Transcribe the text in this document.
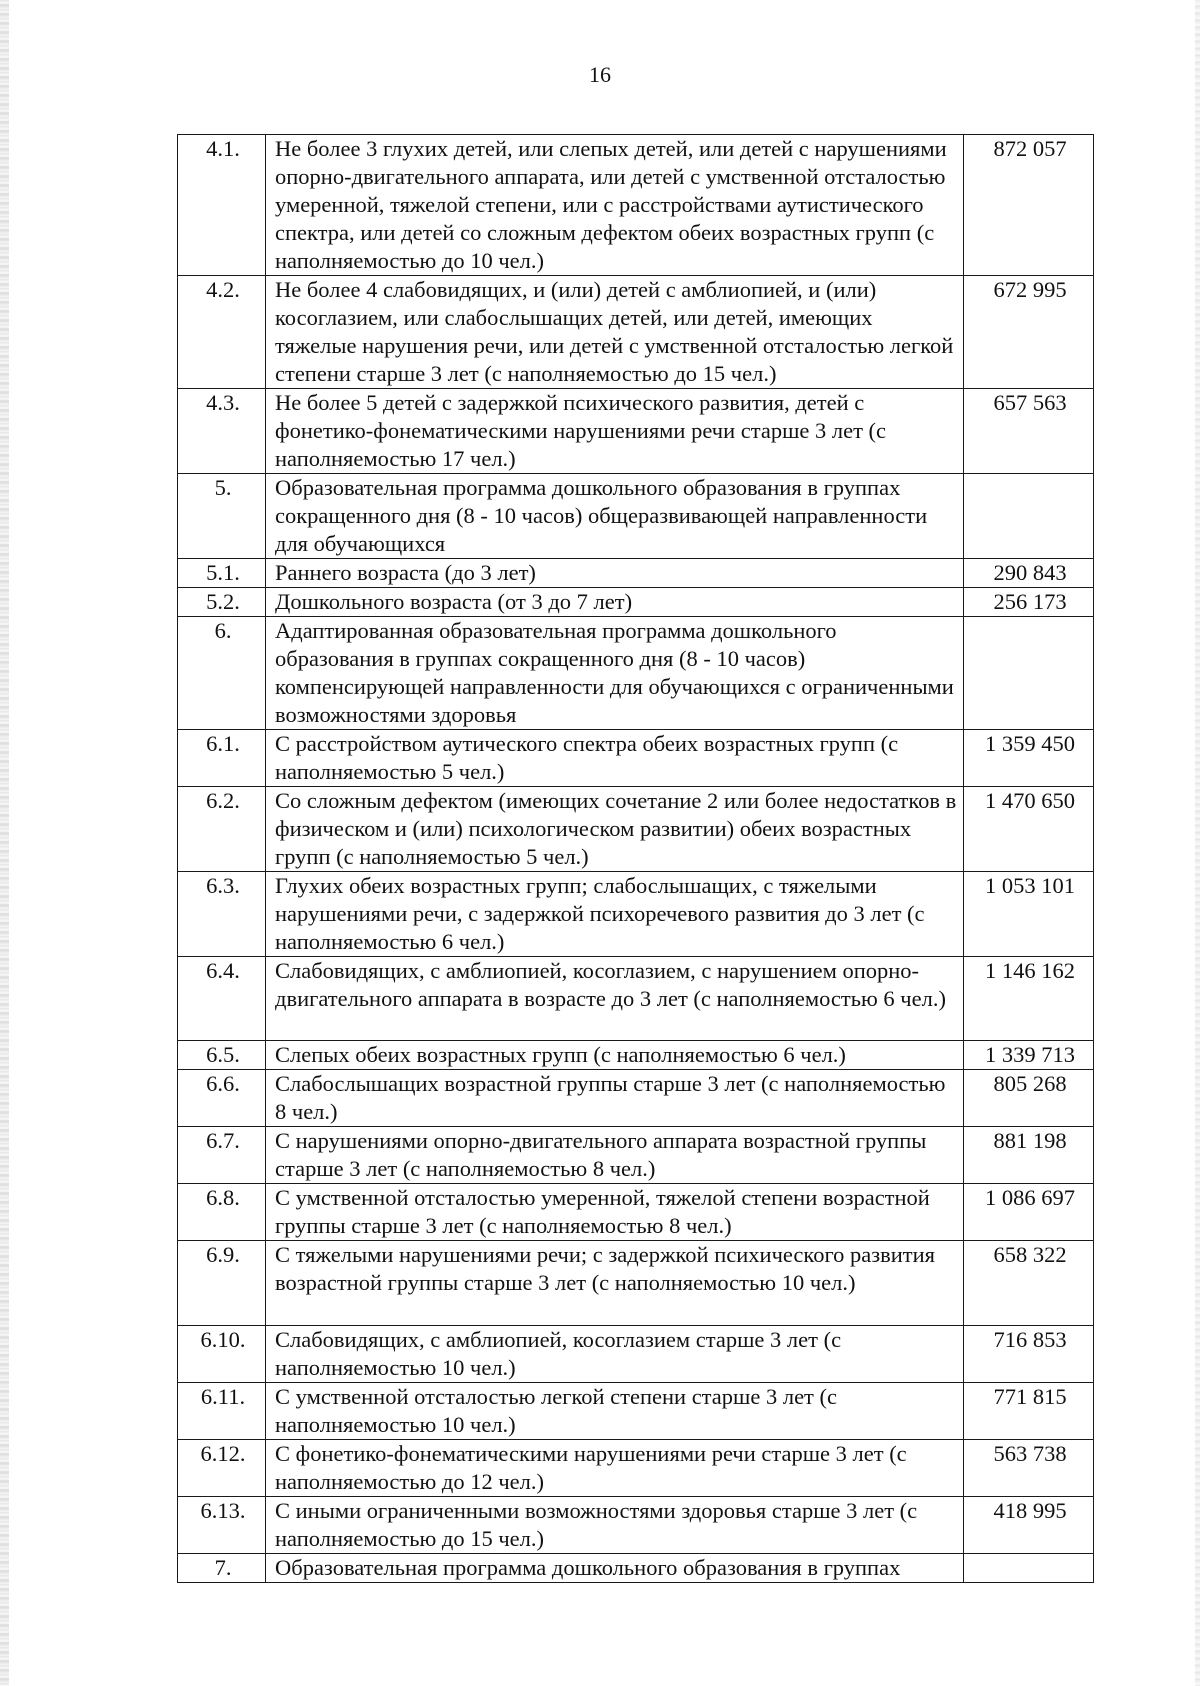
16
4.1.	Не более 3 глухих детей, или слепых детей, или детей с нарушениями опорно-двигательного аппарата, или детей с умственной отсталостью умеренной, тяжелой степени, или с расстройствами аутистического спектра, или детей со сложным дефектом обеих возрастных групп (с наполняемостью до 10 чел.)	872 057
4.2.	Не более 4 слабовидящих, и (или) детей с амблиопией, и (или) косоглазием, или слабослышащих детей, или детей, имеющих тяжелые нарушения речи, или детей с умственной отсталостью легкой степени старше 3 лет (с наполняемостью до 15 чел.)	672 995
4.3.	Не более 5 детей с задержкой психического развития, детей с фонетико-фонематическими нарушениями речи старше 3 лет (с наполняемостью 17 чел.)	657 563
5.	Образовательная программа дошкольного образования в группах сокращенного дня (8 - 10 часов) общеразвивающей направленности для обучающихся	
5.1.	Раннего возраста (до 3 лет)	290 843
5.2.	Дошкольного возраста (от 3 до 7 лет)	256 173
6.	Адаптированная образовательная программа дошкольного образования в группах сокращенного дня (8 - 10 часов) компенсирующей направленности для обучающихся с ограниченными возможностями здоровья	
6.1.	С расстройством аутического спектра обеих возрастных групп (с наполняемостью 5 чел.)	1 359 450
6.2.	Со сложным дефектом (имеющих сочетание 2 или более недостатков в физическом и (или) психологическом развитии) обеих возрастных групп (с наполняемостью 5 чел.)	1 470 650
6.3.	Глухих обеих возрастных групп; слабослышащих, с тяжелыми нарушениями речи, с задержкой психоречевого развития до 3 лет (с наполняемостью 6 чел.)	1 053 101
6.4.	Слабовидящих, с амблиопией, косоглазием, с нарушением опорно-двигательного аппарата в возрасте до 3 лет (с наполняемостью 6 чел.)	1 146 162
6.5.	Слепых обеих возрастных групп (с наполняемостью 6 чел.)	1 339 713
6.6.	Слабослышащих возрастной группы старше 3 лет (с наполняемостью 8 чел.)	805 268
6.7.	С нарушениями опорно-двигательного аппарата возрастной группы старше 3 лет (с наполняемостью 8 чел.)	881 198
6.8.	С умственной отсталостью умеренной, тяжелой степени возрастной группы старше 3 лет (с наполняемостью 8 чел.)	1 086 697
6.9.	С тяжелыми нарушениями речи; с задержкой психического развития возрастной группы старше 3 лет (с наполняемостью 10 чел.)	658 322
6.10.	Слабовидящих, с амблиопией, косоглазием старше 3 лет (с наполняемостью 10 чел.)	716 853
6.11.	С умственной отсталостью легкой степени старше 3 лет (с наполняемостью 10 чел.)	771 815
6.12.	С фонетико-фонематическими нарушениями речи старше 3 лет (с наполняемостью до 12 чел.)	563 738
6.13.	С иными ограниченными возможностями здоровья старше 3 лет (с наполняемостью до 15 чел.)	418 995
7.	Образовательная программа дошкольного образования в группах	
